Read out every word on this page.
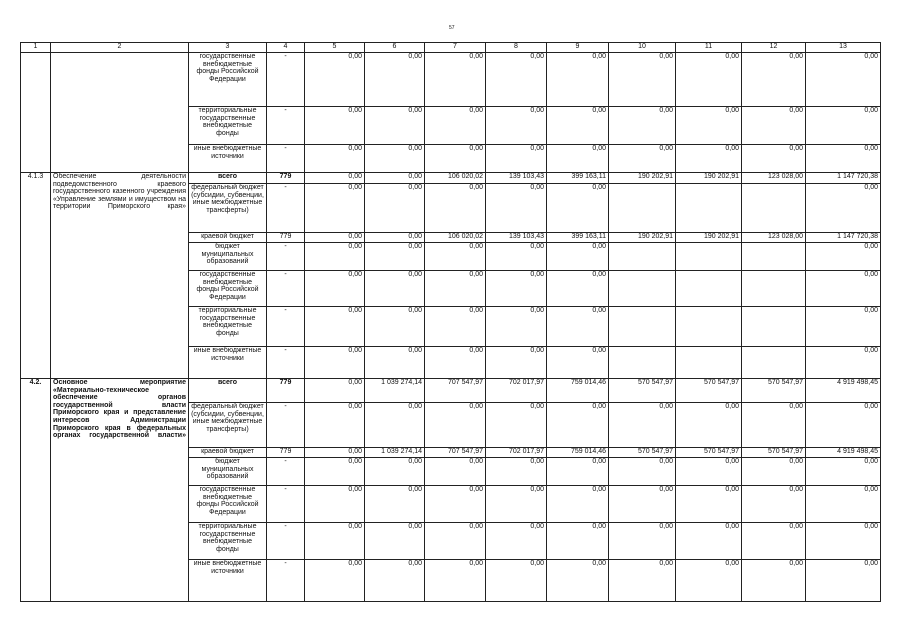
57
1	2	3	4	5	6	7	8	9	10	11	12	13
		государственные внебюджетные фонды Российской Федерации	-	0,00	0,00	0,00	0,00	0,00	0,00	0,00	0,00	0,00
		территориальные государственные внебюджетные фонды	-	0,00	0,00	0,00	0,00	0,00	0,00	0,00	0,00	0,00
		иные внебюджетные источники	-	0,00	0,00	0,00	0,00	0,00	0,00	0,00	0,00	0,00
4.1.3	Обеспечение деятельности подведомственного краевого государственного казенного учреждения «Управление землями и имуществом на территории Приморского края»	всего	779	0,00	0,00	106 020,02	139 103,43	399 163,11	190 202,91	190 202,91	123 028,00	1 147 720,38
		федеральный бюджет (субсидии, субвенции, иные межбюджетные трансферты)	-	0,00	0,00	0,00	0,00	0,00				0,00
		краевой бюджет	779	0,00	0,00	106 020,02	139 103,43	399 163,11	190 202,91	190 202,91	123 028,00	1 147 720,38
		бюджет муниципальных образований	-	0,00	0,00	0,00	0,00	0,00				0,00
		государственные внебюджетные фонды Российской Федерации	-	0,00	0,00	0,00	0,00	0,00				0,00
		территориальные государственные внебюджетные фонды	-	0,00	0,00	0,00	0,00	0,00				0,00
		иные внебюджетные источники	-	0,00	0,00	0,00	0,00	0,00				0,00
4.2.	Основное мероприятие «Материально-техническое обеспечение органов государственной власти Приморского края и представление интересов Администрации Приморского края в федеральных органах государственной власти»	всего	779	0,00	1 039 274,14	707 547,97	702 017,97	759 014,46	570 547,97	570 547,97	570 547,97	4 919 498,45
		федеральный бюджет (субсидии, субвенции, иные межбюджетные трансферты)	-	0,00	0,00	0,00	0,00	0,00	0,00	0,00	0,00	0,00
		краевой бюджет	779	0,00	1 039 274,14	707 547,97	702 017,97	759 014,46	570 547,97	570 547,97	570 547,97	4 919 498,45
		бюджет муниципальных образований	-	0,00	0,00	0,00	0,00	0,00	0,00	0,00	0,00	0,00
		государственные внебюджетные фонды Российской Федерации	-	0,00	0,00	0,00	0,00	0,00	0,00	0,00	0,00	0,00
		территориальные государственные внебюджетные фонды	-	0,00	0,00	0,00	0,00	0,00	0,00	0,00	0,00	0,00
		иные внебюджетные источники	-	0,00	0,00	0,00	0,00	0,00	0,00	0,00	0,00	0,00
